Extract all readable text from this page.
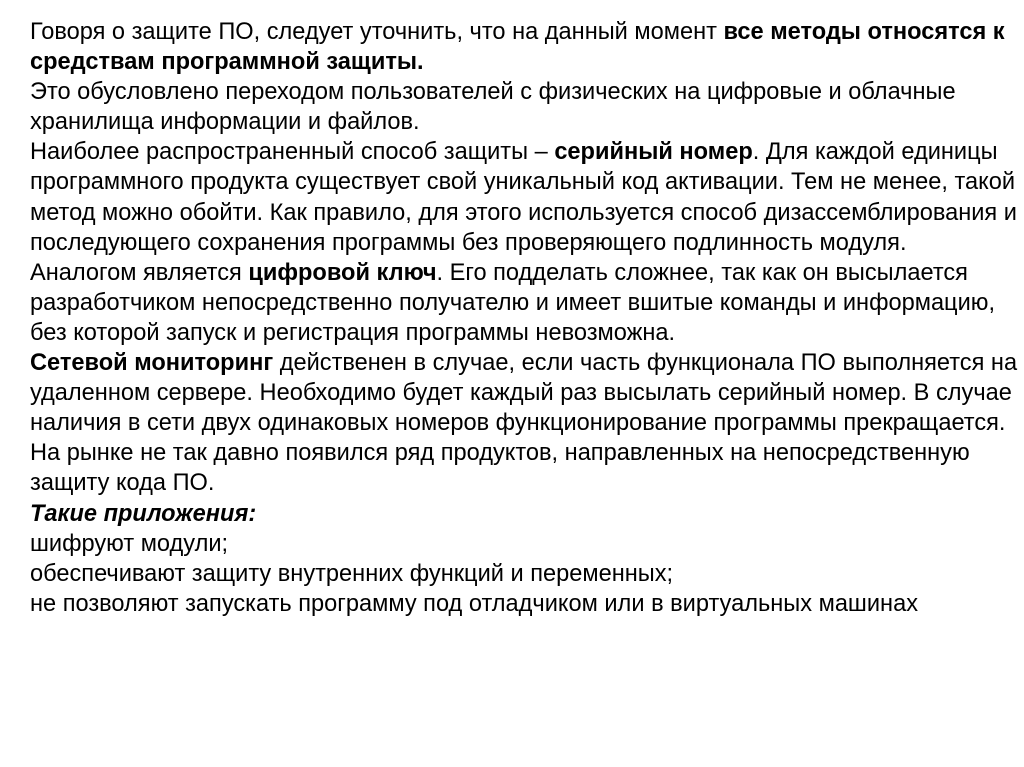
Говоря о защите ПО, следует уточнить, что на данный момент все методы относятся к средствам программной защиты.

Это обусловлено переходом пользователей с физических на цифровые и облачные хранилища информации и файлов.

Наиболее распространенный способ защиты – серийный номер. Для каждой единицы программного продукта существует свой уникальный код активации. Тем не менее, такой метод можно обойти. Как правило, для этого используется способ дизассемблирования и последующего сохранения программы без проверяющего подлинность модуля.

Аналогом является цифровой ключ. Его подделать сложнее, так как он высылается разработчиком непосредственно получателю и имеет вшитые команды и информацию, без которой запуск и регистрация программы невозможна.

Сетевой мониторинг действенен в случае, если часть функционала ПО выполняется на удаленном сервере. Необходимо будет каждый раз высылать серийный номер. В случае наличия в сети двух одинаковых номеров функционирование программы прекращается. На рынке не так давно появился ряд продуктов, направленных на непосредственную защиту кода ПО.

Такие приложения:

шифруют модули;

обеспечивают защиту внутренних функций и переменных;

не позволяют запускать программу под отладчиком или в виртуальных машинах
